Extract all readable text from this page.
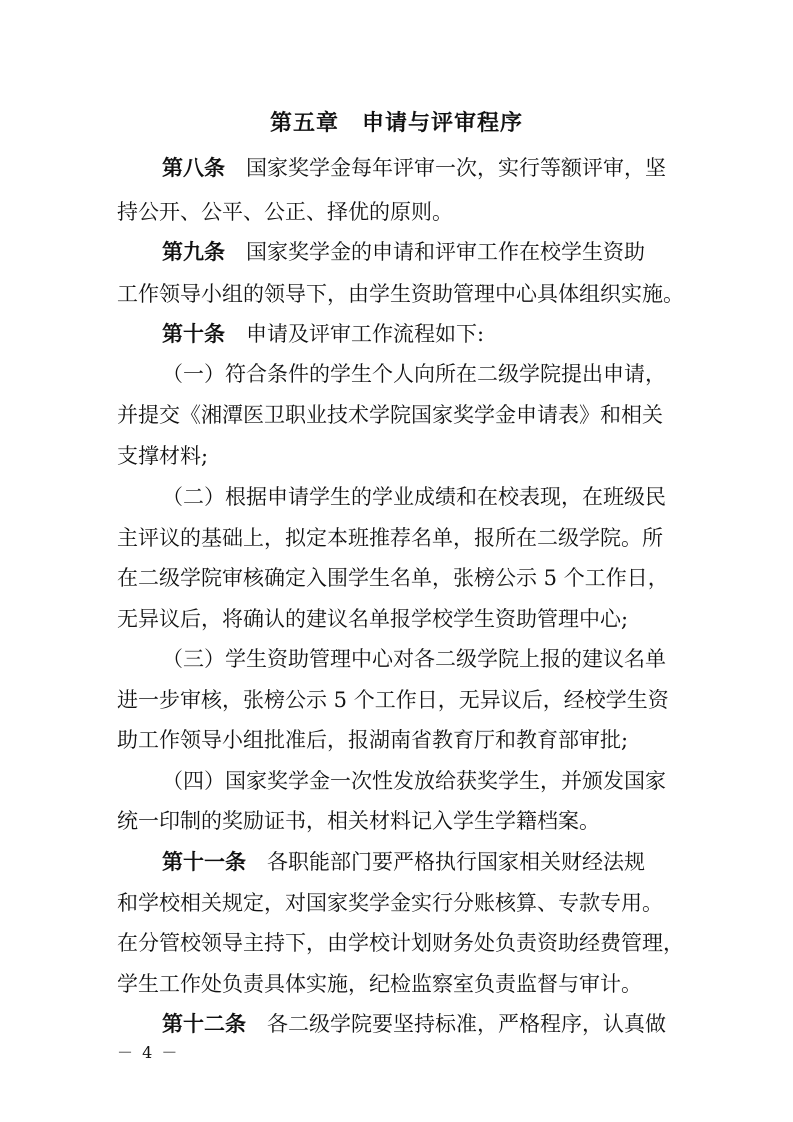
第五章　申请与评审程序

第八条　国家奖学金每年评审一次，实行等额评审，坚

持公开、公平、公正、择优的原则。

第九条　国家奖学金的申请和评审工作在校学生资助

工作领导小组的领导下，由学生资助管理中心具体组织实施。

第十条　申请及评审工作流程如下:

（一）符合条件的学生个人向所在二级学院提出申请，

并提交《湘潭医卫职业技术学院国家奖学金申请表》和相关

支撑材料;

（二）根据申请学生的学业成绩和在校表现，在班级民

主评议的基础上，拟定本班推荐名单，报所在二级学院。所

在二级学院审核确定入围学生名单，张榜公示 5 个工作日，

无异议后，将确认的建议名单报学校学生资助管理中心;

（三）学生资助管理中心对各二级学院上报的建议名单

进一步审核，张榜公示 5 个工作日，无异议后，经校学生资

助工作领导小组批准后，报湖南省教育厅和教育部审批;

（四）国家奖学金一次性发放给获奖学生，并颁发国家

统一印制的奖励证书，相关材料记入学生学籍档案。

第十一条　各职能部门要严格执行国家相关财经法规

和学校相关规定，对国家奖学金实行分账核算、专款专用。

在分管校领导主持下，由学校计划财务处负责资助经费管理，

学生工作处负责具体实施，纪检监察室负责监督与审计。

第十二条　各二级学院要坚持标准，严格程序，认真做

－ 4 －
